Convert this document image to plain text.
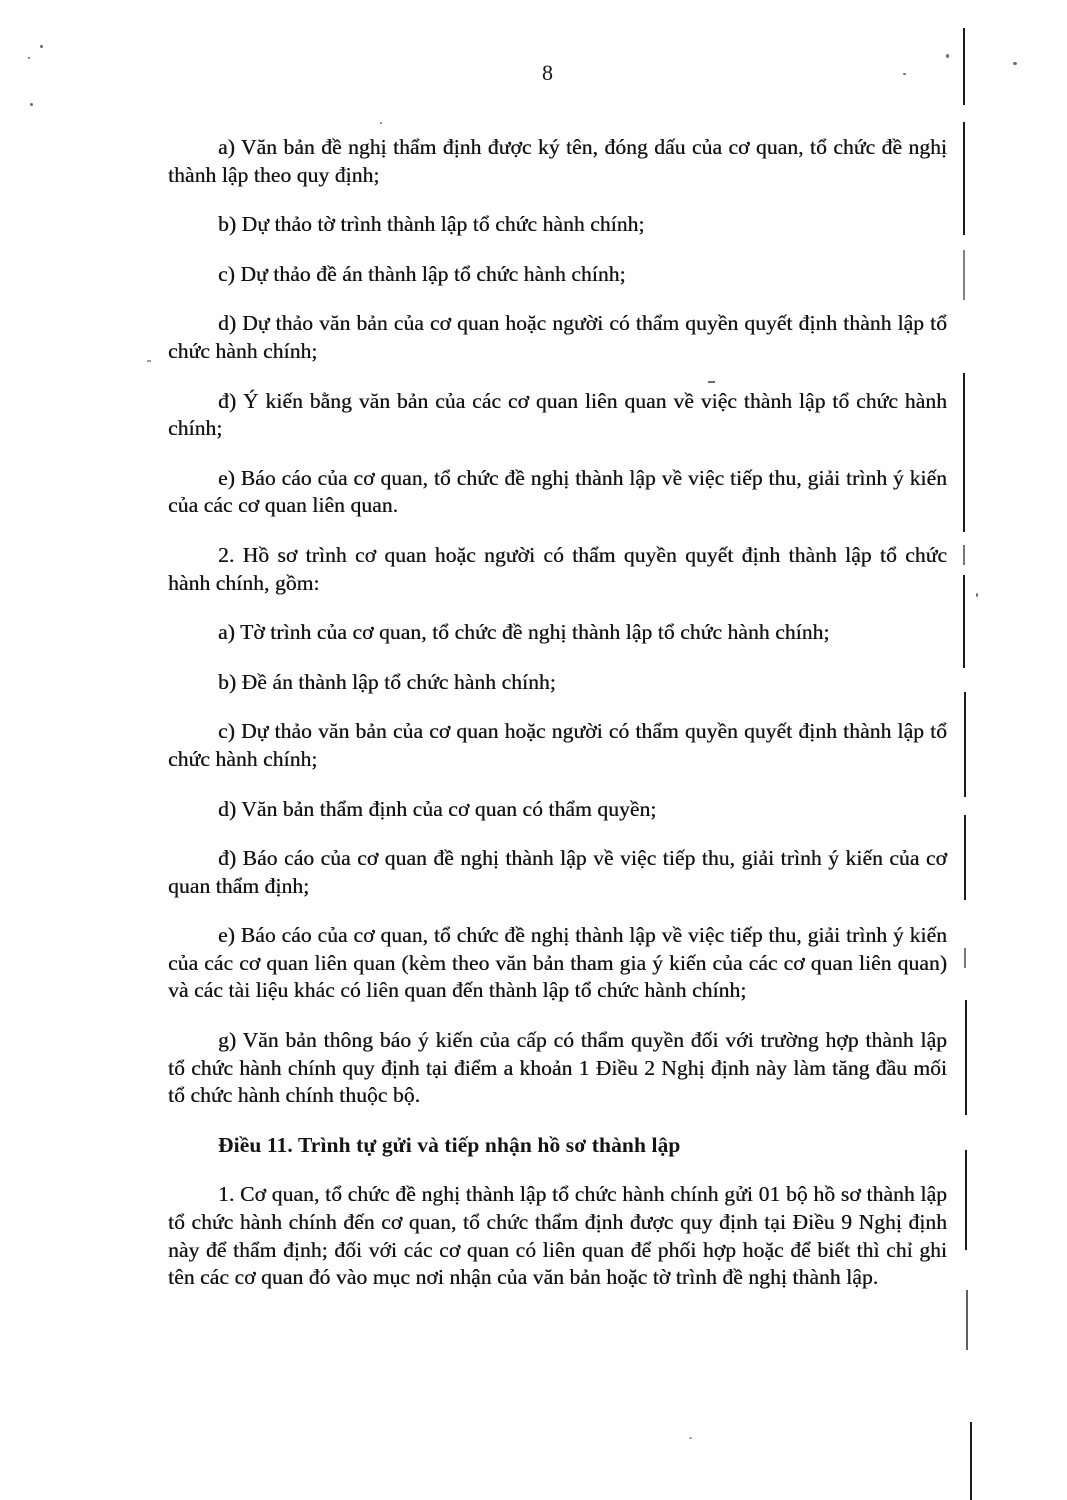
8

a) Văn bản đề nghị thẩm định được ký tên, đóng dấu của cơ quan, tổ chức đề nghị thành lập theo quy định;

b) Dự thảo tờ trình thành lập tổ chức hành chính;

c) Dự thảo đề án thành lập tổ chức hành chính;

d) Dự thảo văn bản của cơ quan hoặc người có thẩm quyền quyết định thành lập tổ chức hành chính;

đ) Ý kiến bằng văn bản của các cơ quan liên quan về việc thành lập tổ chức hành chính;

e) Báo cáo của cơ quan, tổ chức đề nghị thành lập về việc tiếp thu, giải trình ý kiến của các cơ quan liên quan.

2. Hồ sơ trình cơ quan hoặc người có thẩm quyền quyết định thành lập tổ chức hành chính, gồm:

a) Tờ trình của cơ quan, tổ chức đề nghị thành lập tổ chức hành chính;

b) Đề án thành lập tổ chức hành chính;

c) Dự thảo văn bản của cơ quan hoặc người có thẩm quyền quyết định thành lập tổ chức hành chính;

d) Văn bản thẩm định của cơ quan có thẩm quyền;

đ) Báo cáo của cơ quan đề nghị thành lập về việc tiếp thu, giải trình ý kiến của cơ quan thẩm định;

e) Báo cáo của cơ quan, tổ chức đề nghị thành lập về việc tiếp thu, giải trình ý kiến của các cơ quan liên quan (kèm theo văn bản tham gia ý kiến của các cơ quan liên quan) và các tài liệu khác có liên quan đến thành lập tổ chức hành chính;

g) Văn bản thông báo ý kiến của cấp có thẩm quyền đối với trường hợp thành lập tổ chức hành chính quy định tại điểm a khoản 1 Điều 2 Nghị định này làm tăng đầu mối tổ chức hành chính thuộc bộ.

Điều 11. Trình tự gửi và tiếp nhận hồ sơ thành lập

1. Cơ quan, tổ chức đề nghị thành lập tổ chức hành chính gửi 01 bộ hồ sơ thành lập tổ chức hành chính đến cơ quan, tổ chức thẩm định được quy định tại Điều 9 Nghị định này để thẩm định; đối với các cơ quan có liên quan để phối hợp hoặc để biết thì chỉ ghi tên các cơ quan đó vào mục nơi nhận của văn bản hoặc tờ trình đề nghị thành lập.
